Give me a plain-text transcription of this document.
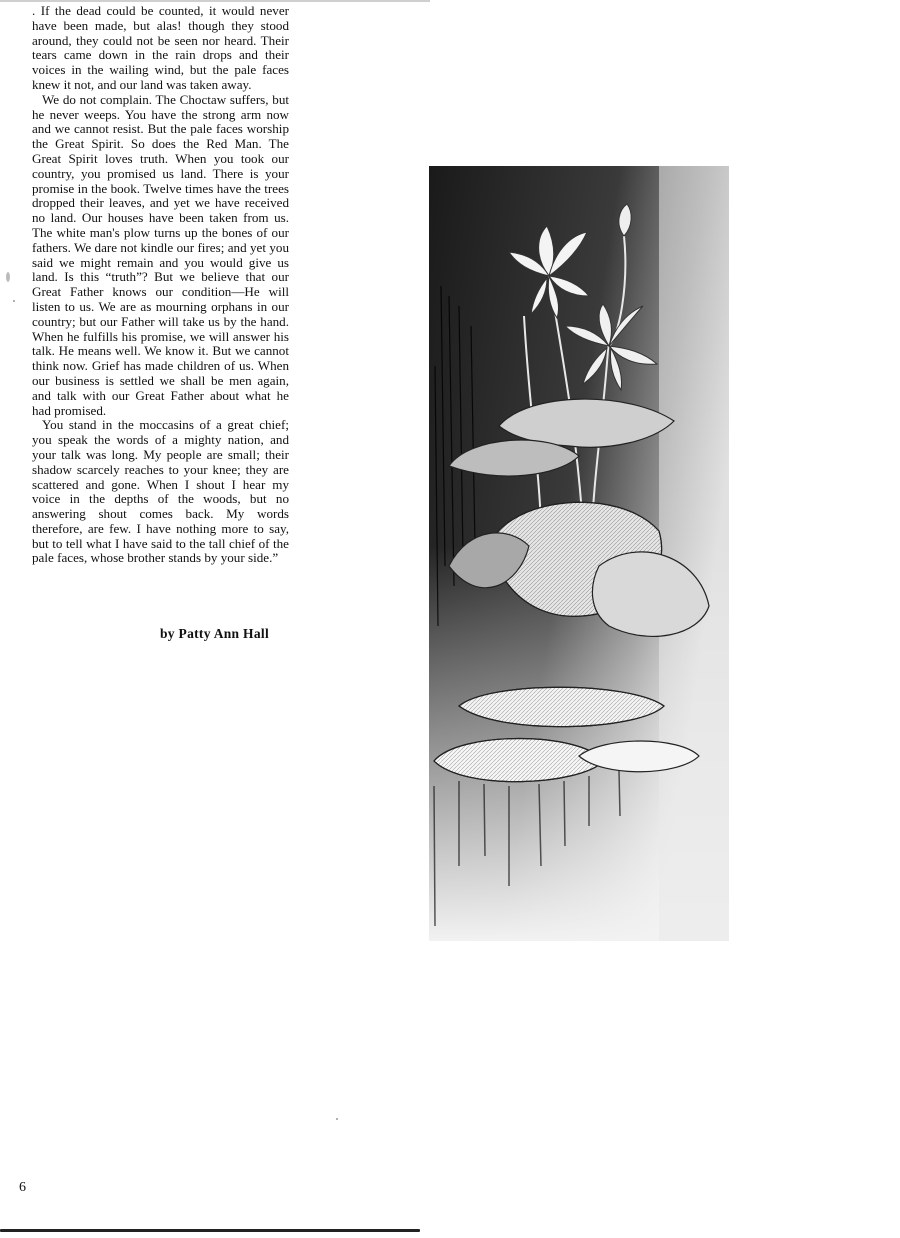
. If the dead could be counted, it would never have been made, but alas! though they stood around, they could not be seen nor heard. Their tears came down in the rain drops and their voices in the wailing wind, but the pale faces knew it not, and our land was taken away.

We do not complain. The Choctaw suffers, but he never weeps. You have the strong arm now and we cannot resist. But the pale faces worship the Great Spirit. So does the Red Man. The Great Spirit loves truth. When you took our country, you promised us land. There is your promise in the book. Twelve times have the trees dropped their leaves, and yet we have received no land. Our houses have been taken from us. The white man's plow turns up the bones of our fathers. We dare not kindle our fires; and yet you said we might remain and you would give us land. Is this “truth”? But we believe that our Great Father knows our condition—He will listen to us. We are as mourning orphans in our country; but our Father will take us by the hand. When he fulfills his promise, we will answer his talk. He means well. We know it. But we cannot think now. Grief has made children of us. When our business is settled we shall be men again, and talk with our Great Father about what he had promised.

You stand in the moccasins of a great chief; you speak the words of a mighty nation, and your talk was long. My people are small; their shadow scarcely reaches to your knee; they are scattered and gone. When I shout I hear my voice in the depths of the woods, but no answering shout comes back. My words therefore, are few. I have nothing more to say, but to tell what I have said to the tall chief of the pale faces, whose brother stands by your side.”

by Patty Ann Hall
6
